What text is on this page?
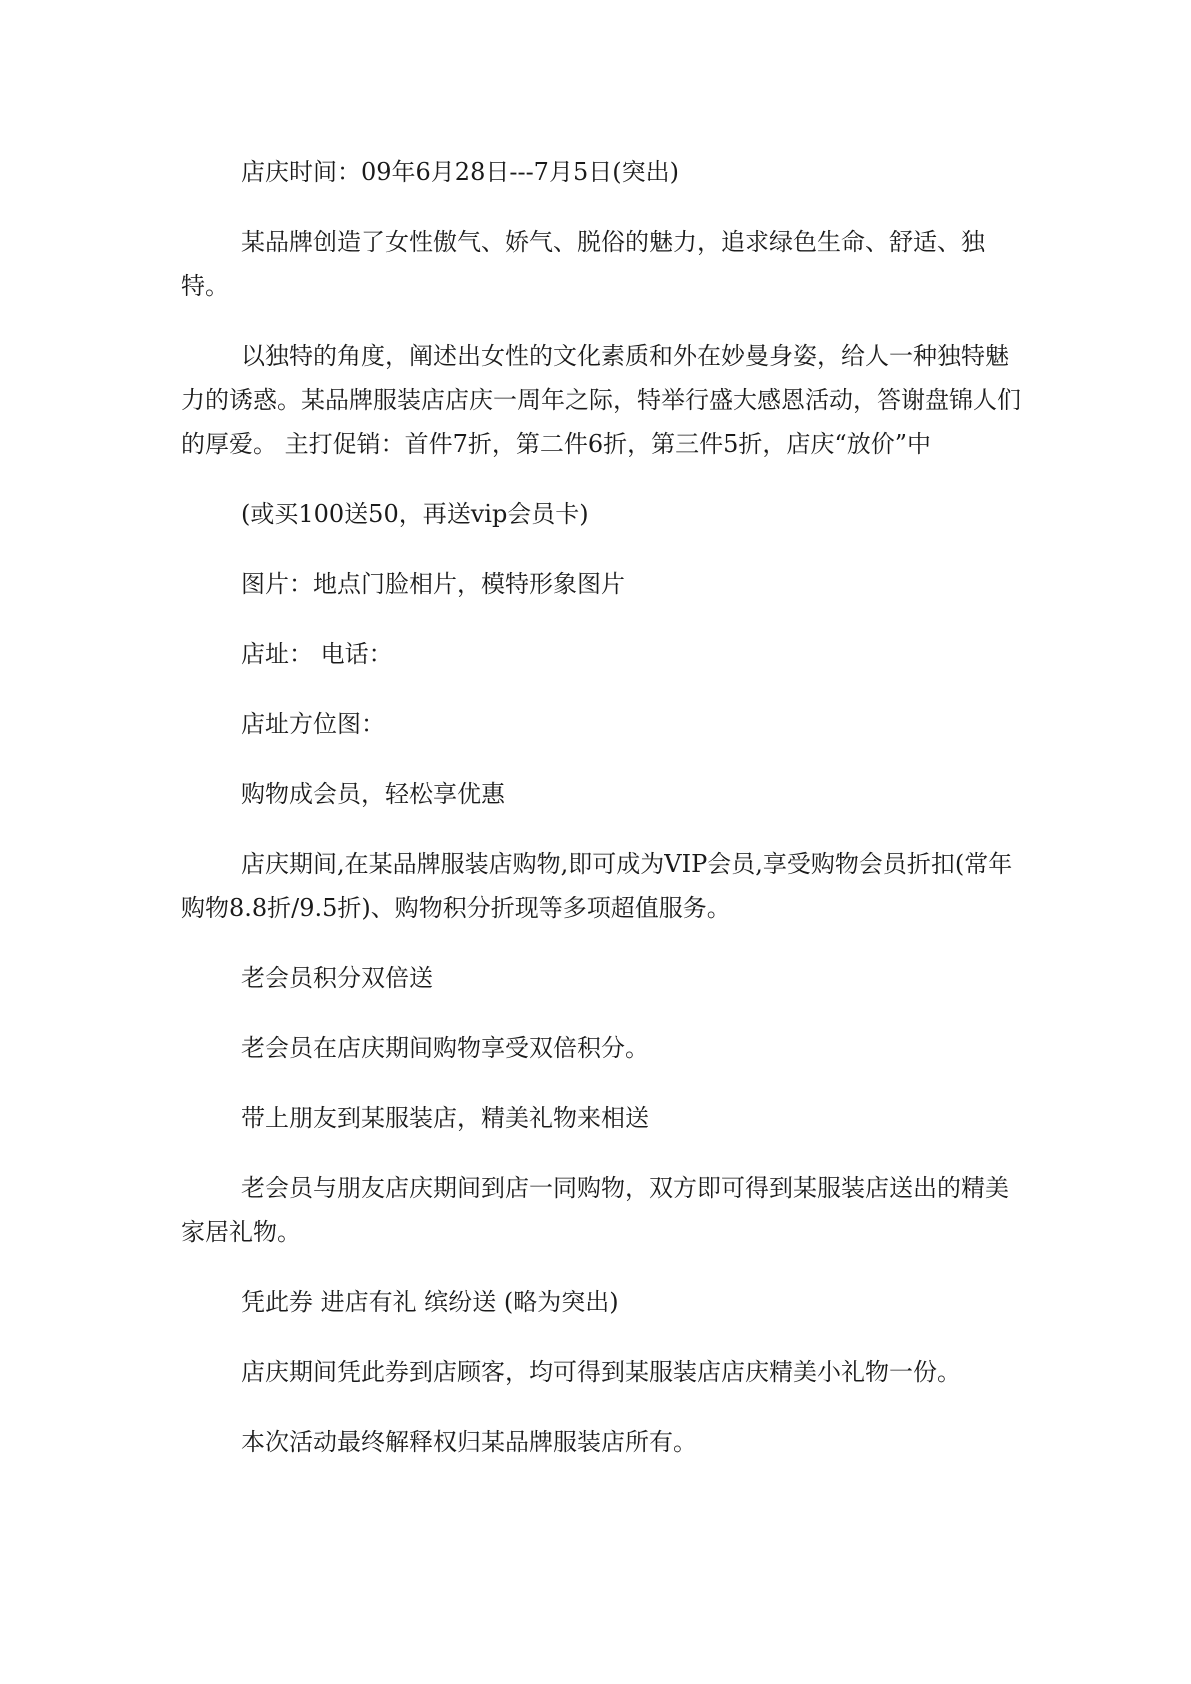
店庆时间：09年6月28日---7月5日(突出)

某品牌创造了女性傲气、娇气、脱俗的魅力，追求绿色生命、舒适、独特。

以独特的角度，阐述出女性的文化素质和外在妙曼身姿，给人一种独特魅力的诱惑。某品牌服装店店庆一周年之际，特举行盛大感恩活动，答谢盘锦人们的厚爱。 主打促销：首件7折，第二件6折，第三件5折，店庆“放价”中

(或买100送50，再送vip会员卡)

图片：地点门脸相片，模特形象图片

店址： 电话：

店址方位图：

购物成会员，轻松享优惠

店庆期间,在某品牌服装店购物,即可成为VIP会员,享受购物会员折扣(常年购物8.8折/9.5折)、购物积分折现等多项超值服务。

老会员积分双倍送

老会员在店庆期间购物享受双倍积分。

带上朋友到某服装店，精美礼物来相送

老会员与朋友店庆期间到店一同购物，双方即可得到某服装店送出的精美家居礼物。

凭此券 进店有礼 缤纷送 (略为突出)

店庆期间凭此券到店顾客，均可得到某服装店店庆精美小礼物一份。

本次活动最终解释权归某品牌服装店所有。
